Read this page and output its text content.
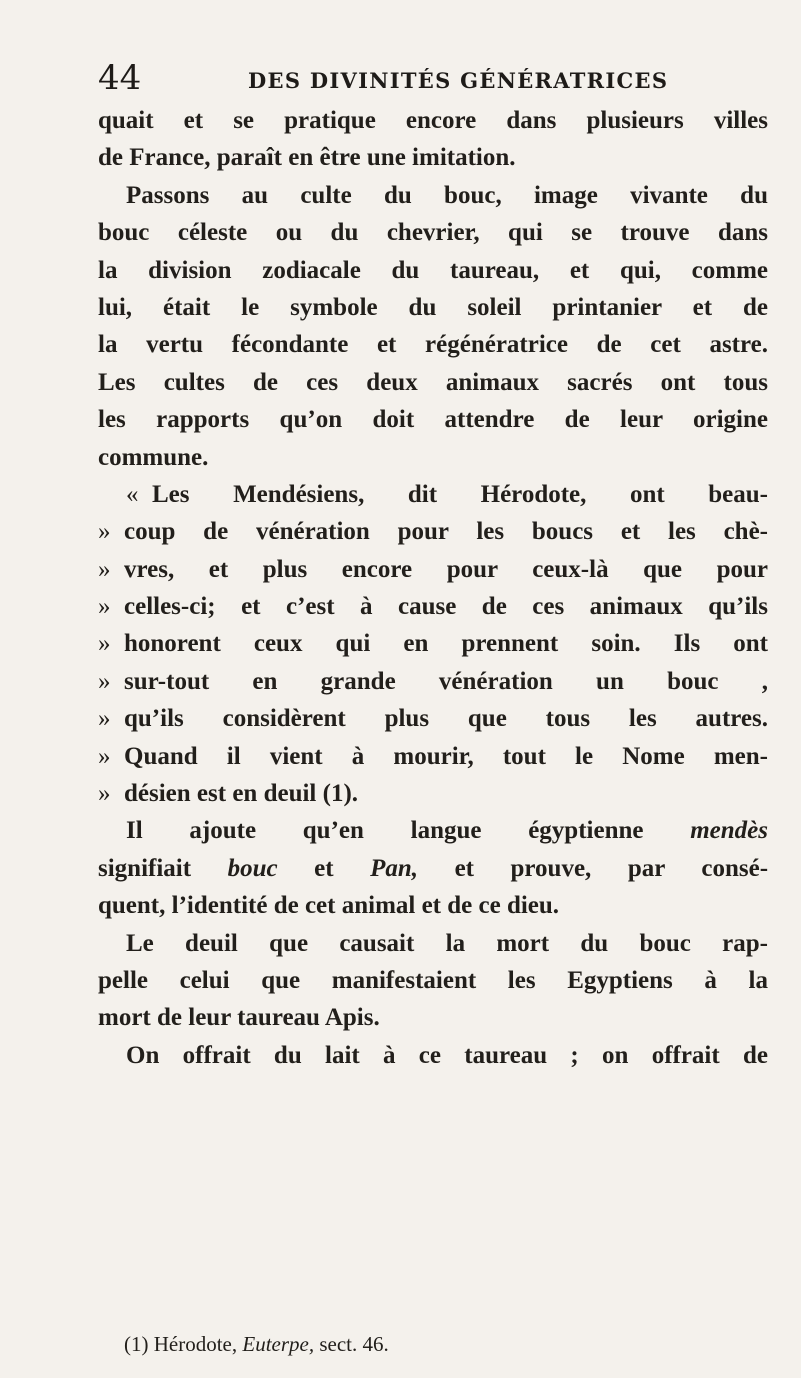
44	DES DIVINITÉS GÉNÉRATRICES
quait et se pratique encore dans plusieurs villes
de France, paraît en être une imitation.
Passons au culte du bouc, image vivante du
bouc céleste ou du chevrier, qui se trouve dans
la division zodiacale du taureau, et qui, comme
lui, était le symbole du soleil printanier et de
la vertu fécondante et régénératrice de cet astre.
Les cultes de ces deux animaux sacrés ont tous
les rapports qu’on doit attendre de leur origine
commune.
« Les Mendésiens, dit Hérodote, ont beau-
» coup de vénération pour les boucs et les chè-
» vres, et plus encore pour ceux-là que pour
» celles-ci; et c’est à cause de ces animaux qu’ils
» honorent ceux qui en prennent soin. Ils ont
» sur-tout en grande vénération un bouc ,
» qu’ils considèrent plus que tous les autres.
» Quand il vient à mourir, tout le Nome men-
» désien est en deuil (1).
Il ajoute qu’en langue égyptienne mendès
signifiait bouc et Pan, et prouve, par consé-
quent, l’identité de cet animal et de ce dieu.
Le deuil que causait la mort du bouc rap-
pelle celui que manifestaient les Egyptiens à la
mort de leur taureau Apis.
On offrait du lait à ce taureau ; on offrait de
(1) Hérodote, Euterpe, sect. 46.
